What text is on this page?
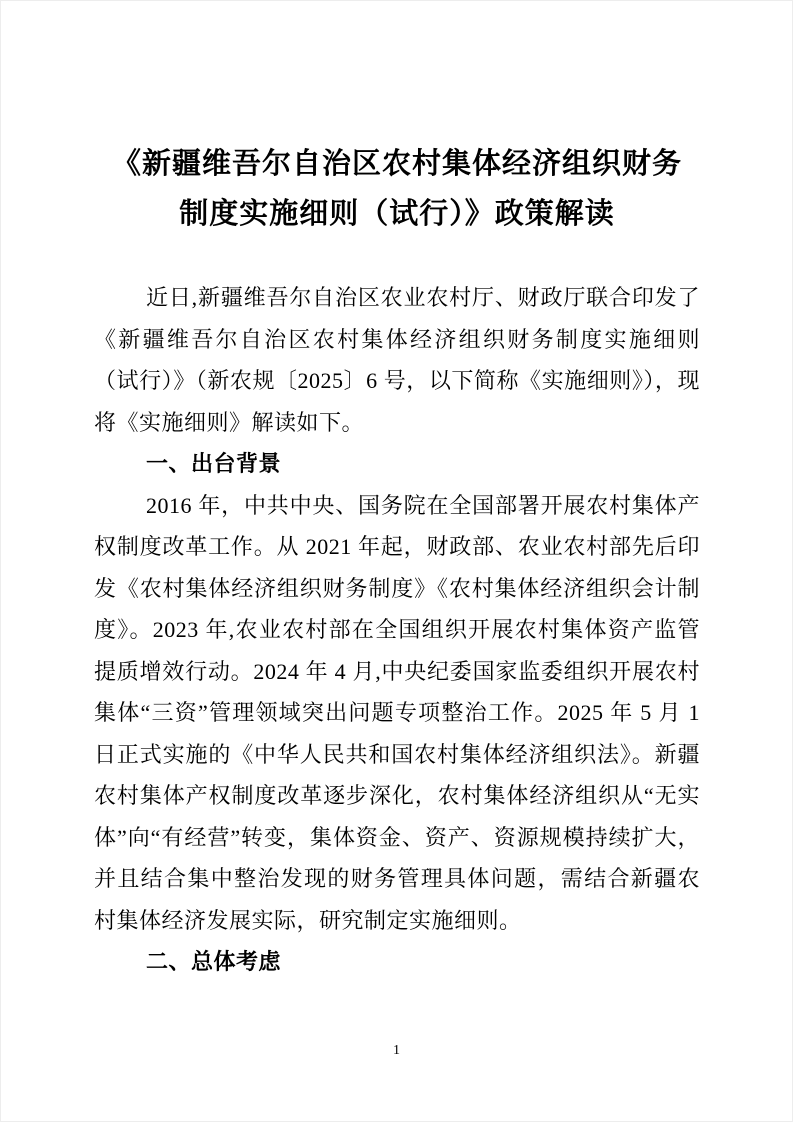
《新疆维吾尔自治区农村集体经济组织财务
制度实施细则（试行）》政策解读

近日,新疆维吾尔自治区农业农村厅、财政厅联合印发了《新疆维吾尔自治区农村集体经济组织财务制度实施细则（试行）》（新农规〔2025〕6 号，以下简称《实施细则》），现将《实施细则》解读如下。

一、出台背景

2016 年，中共中央、国务院在全国部署开展农村集体产权制度改革工作。从 2021 年起，财政部、农业农村部先后印发《农村集体经济组织财务制度》《农村集体经济组织会计制度》。2023 年,农业农村部在全国组织开展农村集体资产监管提质增效行动。2024 年 4 月,中央纪委国家监委组织开展农村集体“三资”管理领域突出问题专项整治工作。2025 年 5 月 1 日正式实施的《中华人民共和国农村集体经济组织法》。新疆农村集体产权制度改革逐步深化，农村集体经济组织从“无实体”向“有经营”转变，集体资金、资产、资源规模持续扩大，并且结合集中整治发现的财务管理具体问题，需结合新疆农村集体经济发展实际，研究制定实施细则。

二、总体考虑
1
